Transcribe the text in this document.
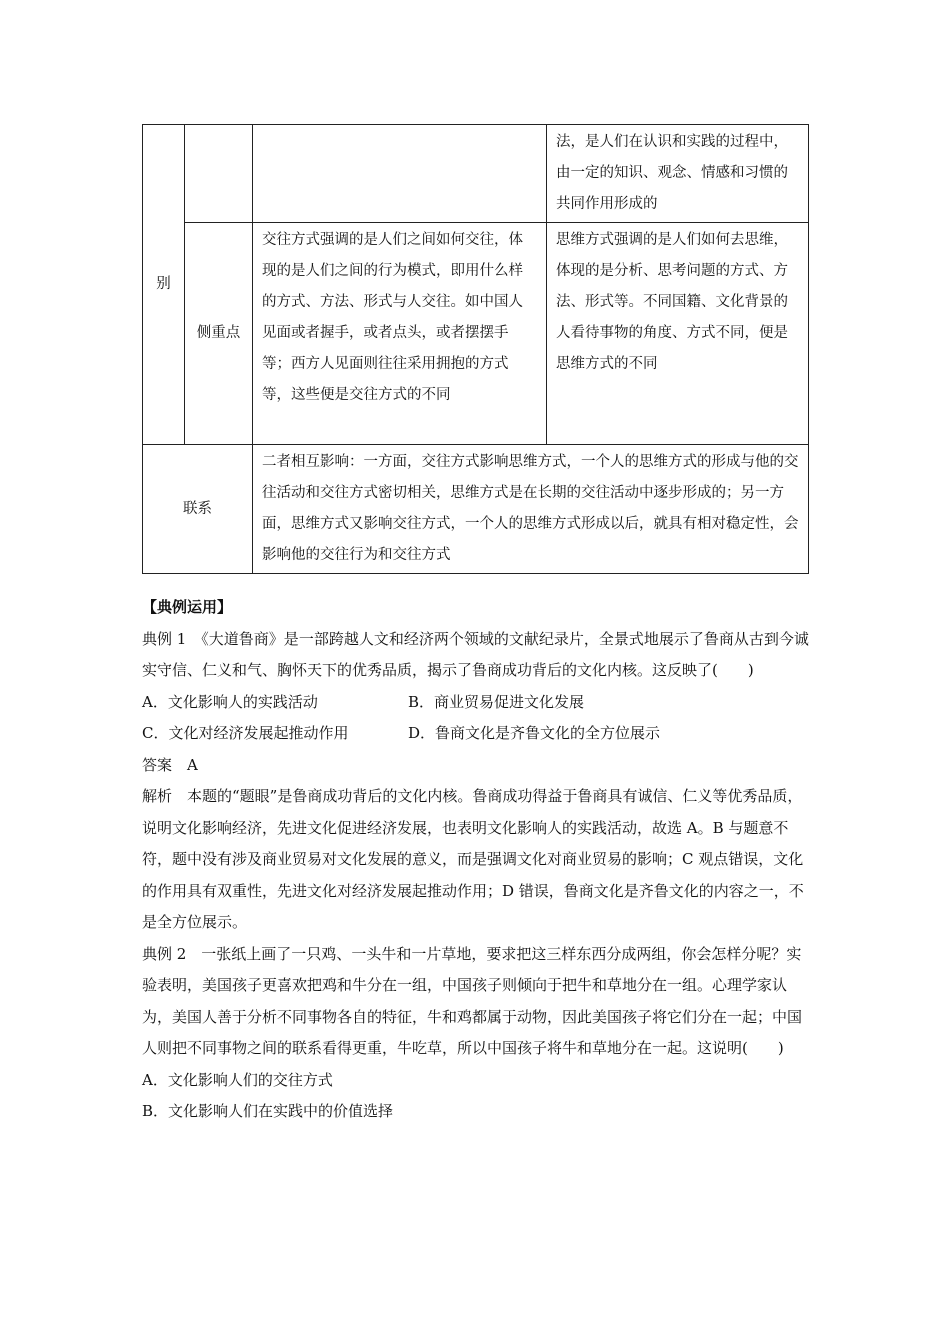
别			法，是人们在认识和实践的过程中，由一定的知识、观念、情感和习惯的共同作用形成的
	侧重点	交往方式强调的是人们之间如何交往，体现的是人们之间的行为模式，即用什么样的方式、方法、形式与人交往。如中国人见面或者握手，或者点头，或者摆摆手等；西方人见面则往往采用拥抱的方式等，这些便是交往方式的不同	思维方式强调的是人们如何去思维，体现的是分析、思考问题的方式、方法、形式等。不同国籍、文化背景的人看待事物的角度、方式不同，便是思维方式的不同
联系		二者相互影响：一方面，交往方式影响思维方式，一个人的思维方式的形成与他的交往活动和交往方式密切相关，思维方式是在长期的交往活动中逐步形成的；另一方面，思维方式又影响交往方式，一个人的思维方式形成以后，就具有相对稳定性，会影响他的交往行为和交往方式	

【典例运用】

典例 1　《大道鲁商》是一部跨越人文和经济两个领域的文献纪录片，全景式地展示了鲁商从古到今诚实守信、仁义和气、胸怀天下的优秀品质，揭示了鲁商成功背后的文化内核。这反映了(　　)

A．文化影响人的实践活动	B．商业贸易促进文化发展
C．文化对经济发展起推动作用	D．鲁商文化是齐鲁文化的全方位展示

答案　A

解析　本题的“题眼”是鲁商成功背后的文化内核。鲁商成功得益于鲁商具有诚信、仁义等优秀品质，说明文化影响经济，先进文化促进经济发展，也表明文化影响人的实践活动，故选 A。B 与题意不符，题中没有涉及商业贸易对文化发展的意义，而是强调文化对商业贸易的影响；C 观点错误，文化的作用具有双重性，先进文化对经济发展起推动作用；D 错误，鲁商文化是齐鲁文化的内容之一，不是全方位展示。

典例 2　一张纸上画了一只鸡、一头牛和一片草地，要求把这三样东西分成两组，你会怎样分呢？实验表明，美国孩子更喜欢把鸡和牛分在一组，中国孩子则倾向于把牛和草地分在一组。心理学家认为，美国人善于分析不同事物各自的特征，牛和鸡都属于动物，因此美国孩子将它们分在一起；中国人则把不同事物之间的联系看得更重，牛吃草，所以中国孩子将牛和草地分在一起。这说明(　　)

A．文化影响人们的交往方式

B．文化影响人们在实践中的价值选择
